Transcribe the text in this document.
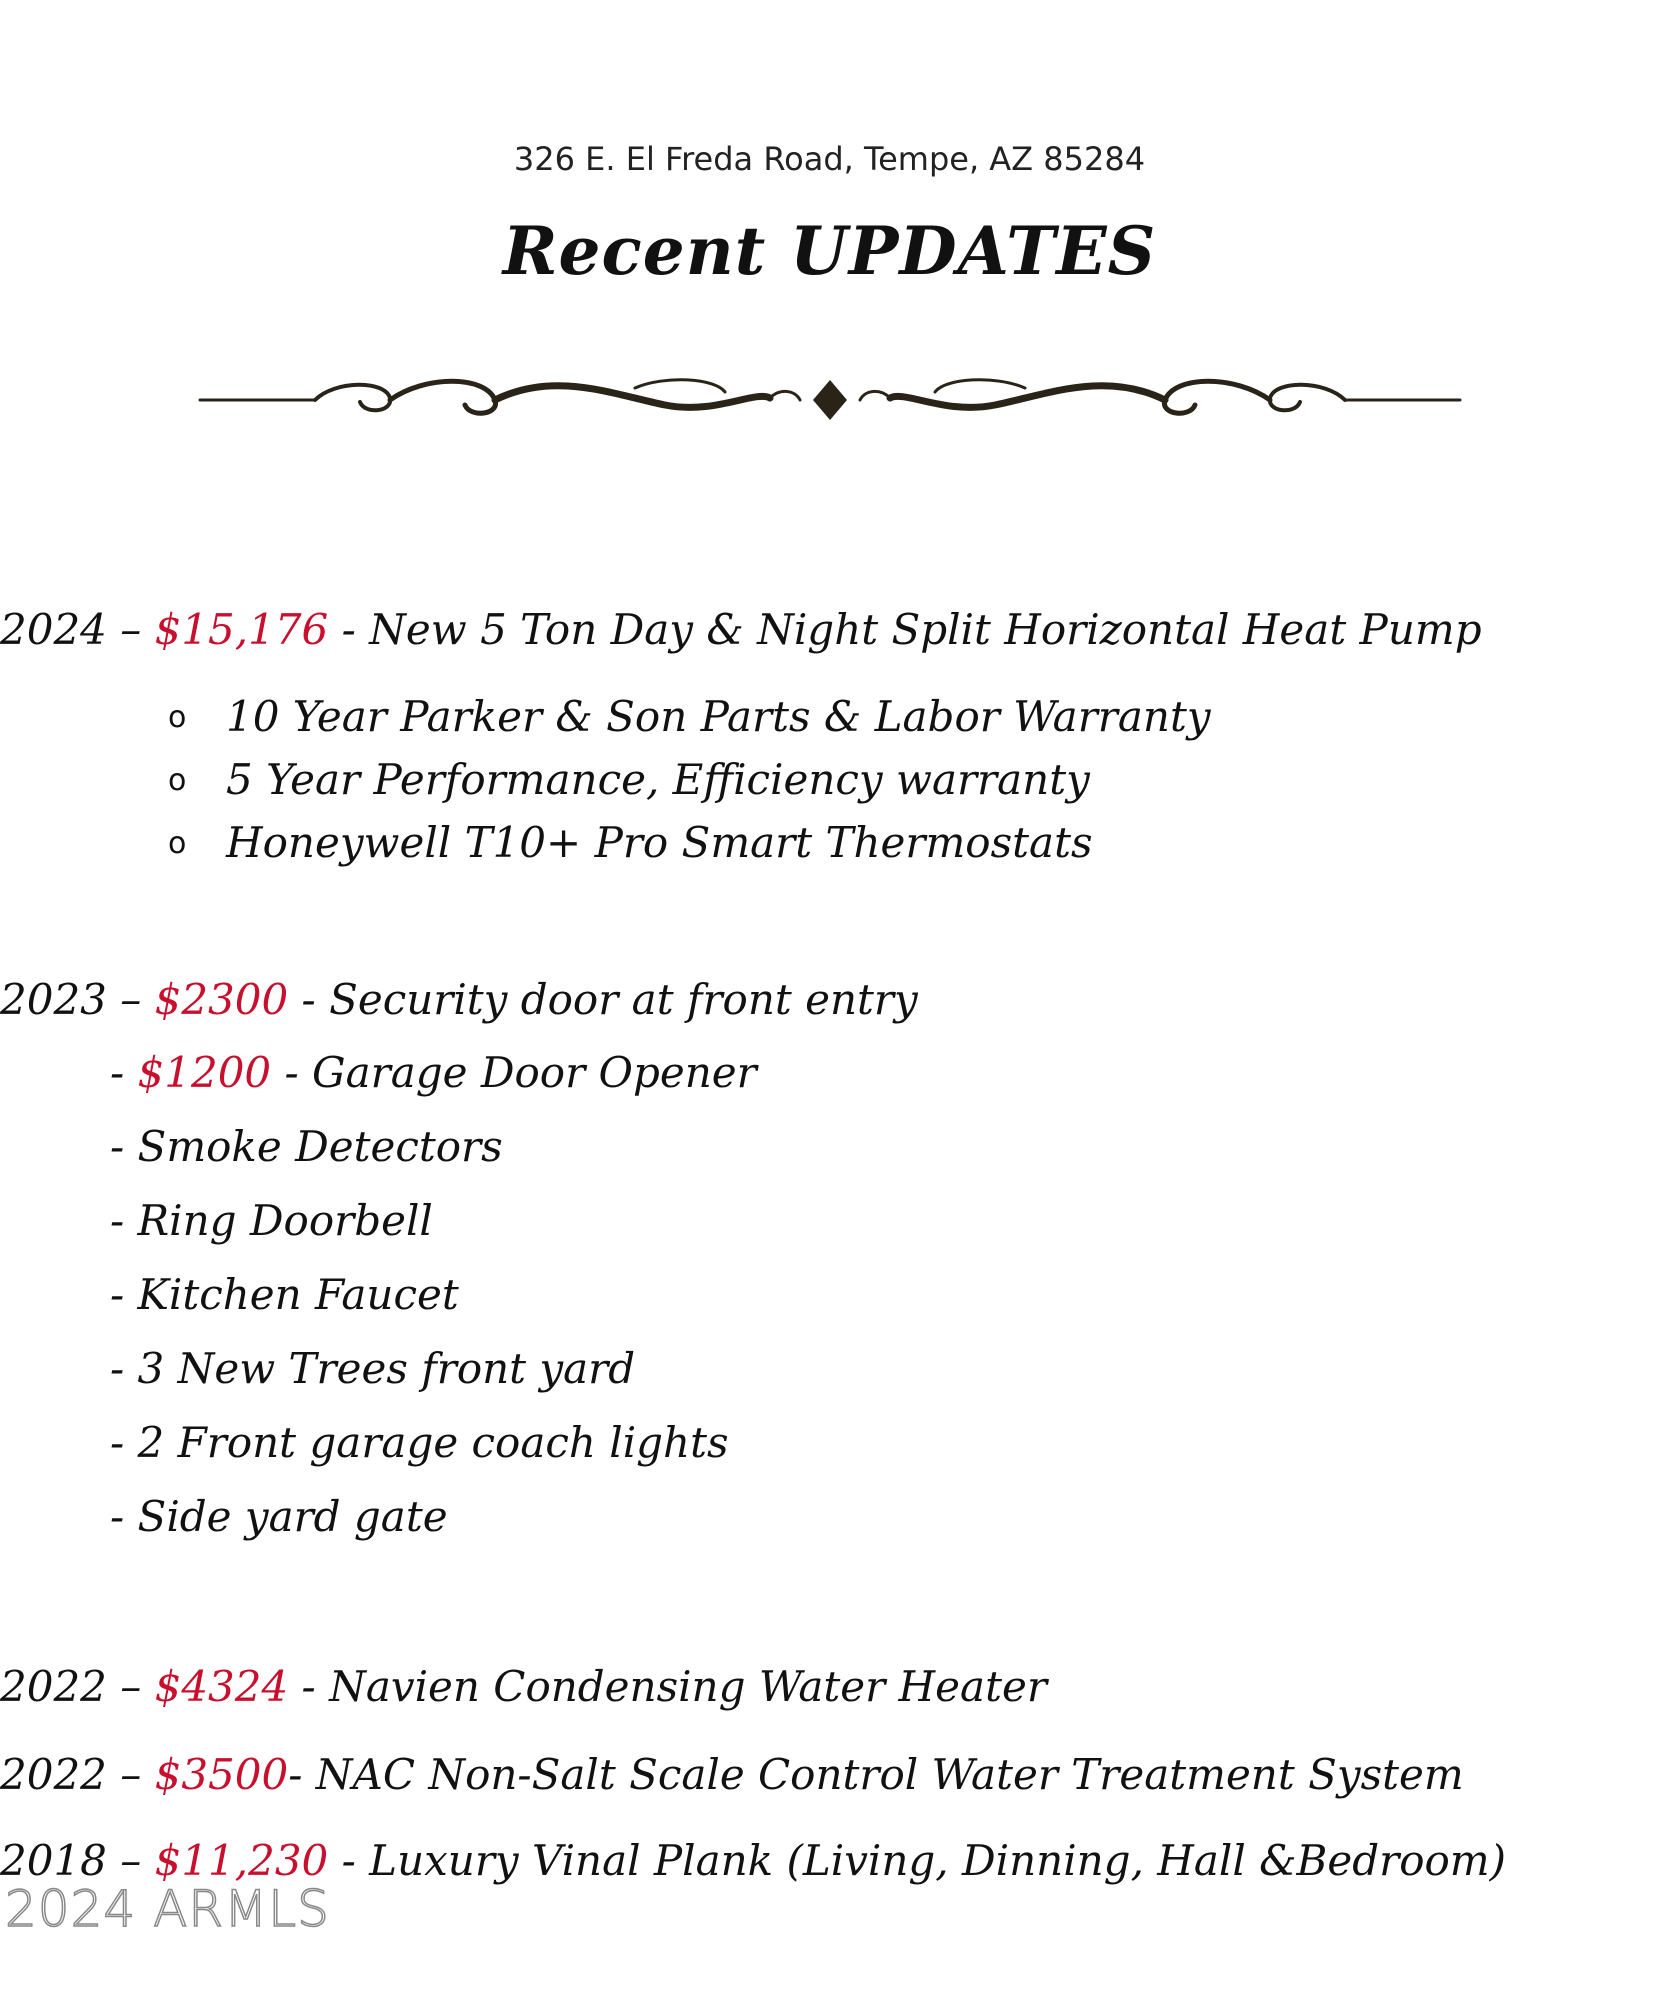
326 E. El Freda Road, Tempe, AZ 85284
Recent UPDATES
2024 – $15,176 - New 5 Ton Day & Night Split Horizontal Heat Pump
o 10 Year Parker & Son Parts & Labor Warranty
o 5 Year Performance, Efficiency warranty
o Honeywell T10+ Pro Smart Thermostats
2023 – $2300 - Security door at front entry
- $1200 - Garage Door Opener
- Smoke Detectors
- Ring Doorbell
- Kitchen Faucet
- 3 New Trees front yard
- 2 Front garage coach lights
- Side yard gate
2022 – $4324 - Navien Condensing Water Heater
2022 – $3500- NAC Non-Salt Scale Control Water Treatment System
2018 – $11,230 - Luxury Vinal Plank (Living, Dinning, Hall &Bedroom)
2024 ARMLS
